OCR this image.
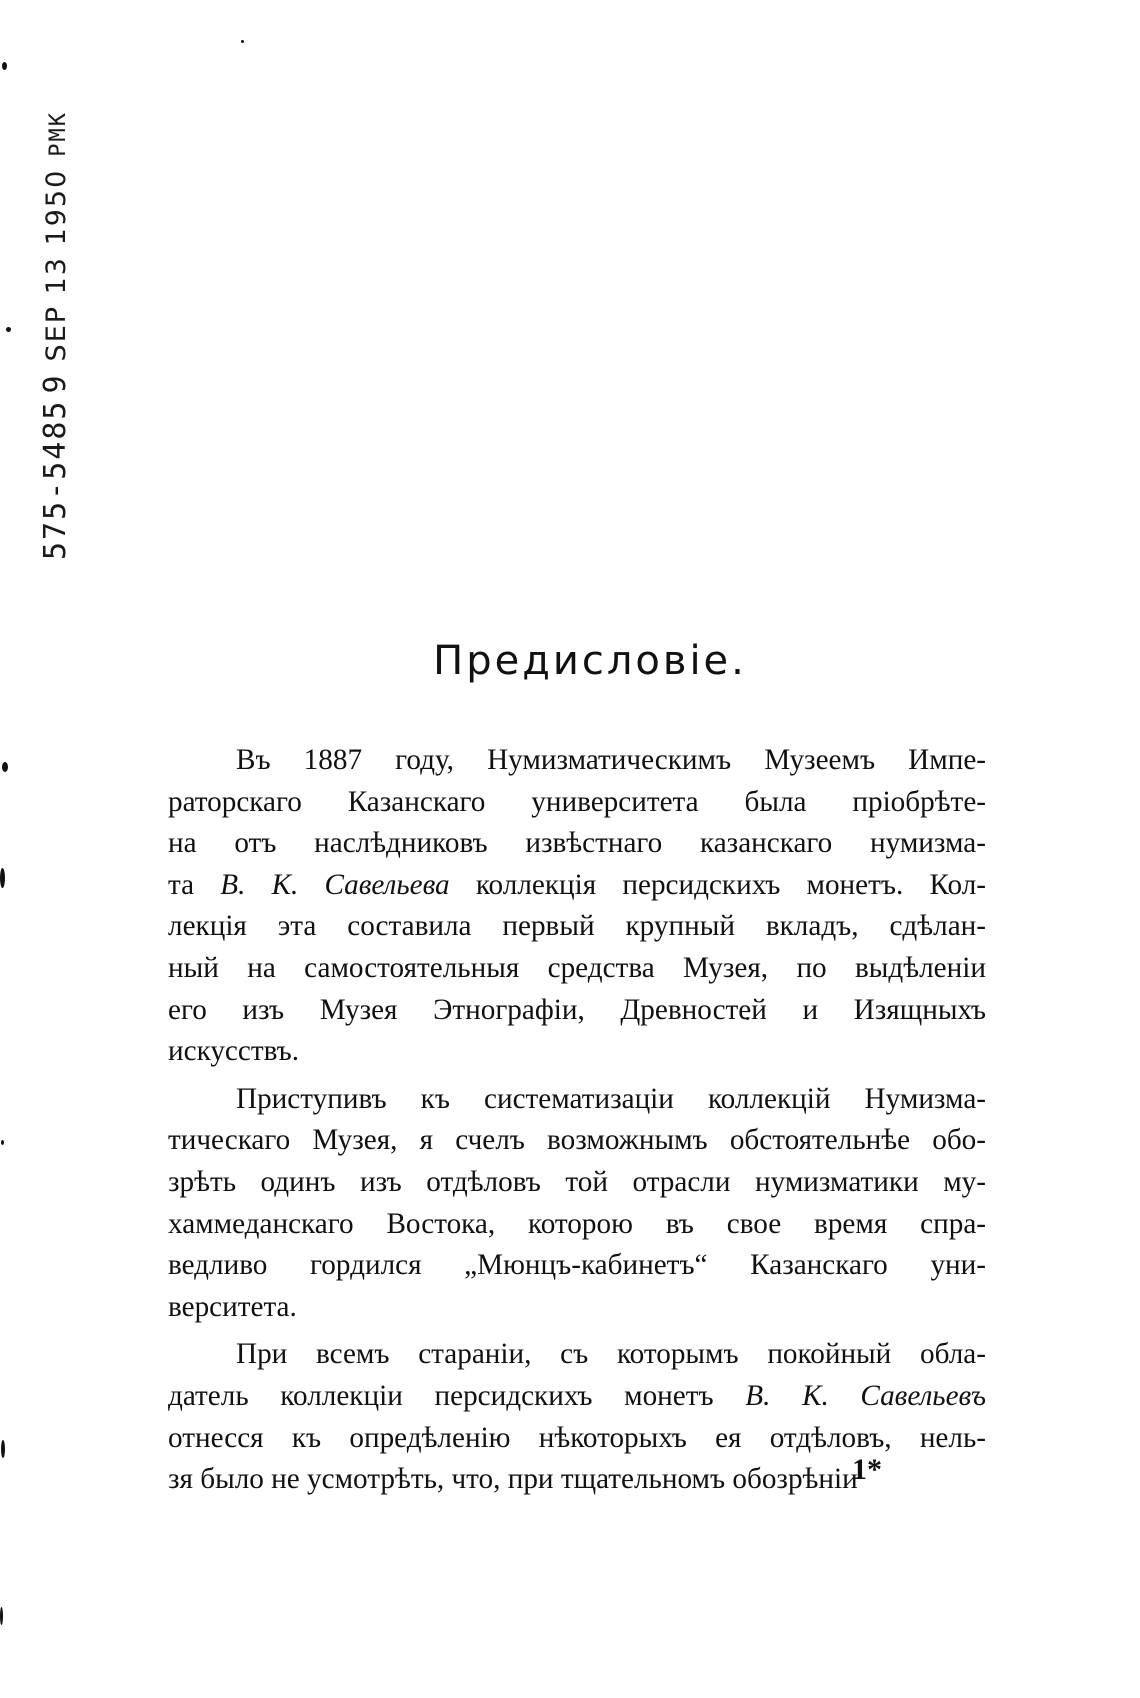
575-54859SEP 13 1950PMK
Предисловіе.
Въ 1887 году, Нумизматическимъ Музеемъ Импе-
раторскаго Казанскаго университета была пріобрѣте-
на отъ наслѣдниковъ извѣстнаго казанскаго нумизма-
та В. К. Савельева коллекція персидскихъ монетъ. Кол-
лекція эта составила первый крупный вкладъ, сдѣлан-
ный на самостоятельныя средства Музея, по выдѣленіи
его изъ Музея Этнографіи, Древностей и Изящныхъ
искусствъ.
Приступивъ къ систематизаціи коллекцій Нумизма-
тическаго Музея, я счелъ возможнымъ обстоятельнѣе обо-
зрѣть одинъ изъ отдѣловъ той отрасли нумизматики му-
хаммеданскаго Востока, которою въ свое время спра-
ведливо гордился „Мюнцъ-кабинетъ“ Казанскаго уни-
верситета.
При всемъ стараніи, съ которымъ покойный обла-
датель коллекціи персидскихъ монетъ В. К. Савельевъ
отнесся къ опредѣленію нѣкоторыхъ ея отдѣловъ, нель-
зя было не усмотрѣть, что, при тщательномъ обозрѣніи
1*
